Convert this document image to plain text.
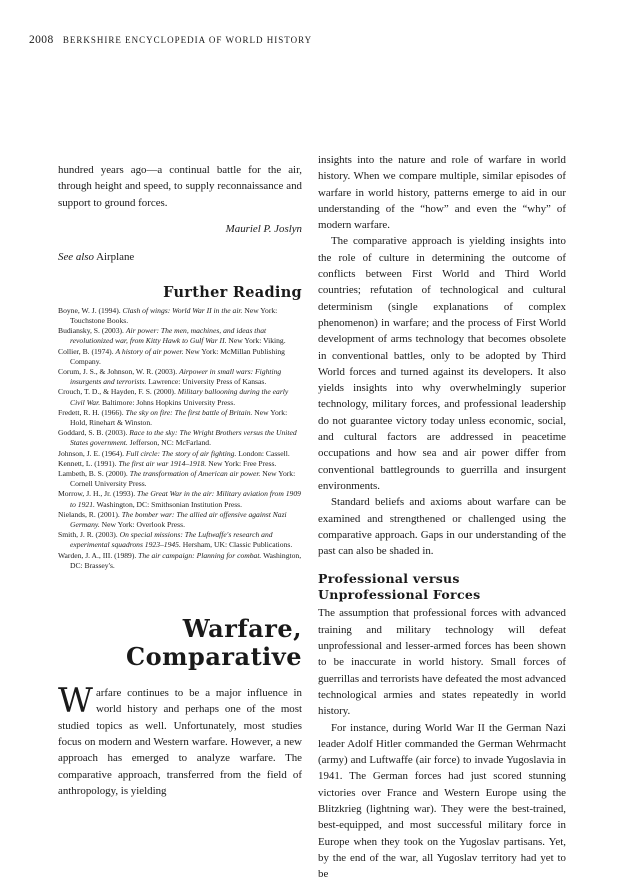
2008 BERKSHIRE ENCYCLOPEDIA OF WORLD HISTORY

hundred years ago—a continual battle for the air, through height and speed, to supply reconnaissance and support to ground forces.

Mauriel P. Joslyn

See also Airplane

Further Reading
Boyne, W. J. (1994). Clash of wings: World War II in the air. New York: Touchstone Books.
Budiansky, S. (2003). Air power: The men, machines, and ideas that revolutionized war, from Kitty Hawk to Gulf War II. New York: Viking.
Collier, B. (1974). A history of air power. New York: McMillan Publishing Company.
Corum, J. S., & Johnson, W. R. (2003). Airpower in small wars: Fighting insurgents and terrorists. Lawrence: University Press of Kansas.
Crouch, T. D., & Hayden, F. S. (2000). Military ballooning during the early Civil War. Baltimore: Johns Hopkins University Press.
Fredett, R. H. (1966). The sky on fire: The first battle of Britain. New York: Hold, Rinehart & Winston.
Goddard, S. B. (2003). Race to the sky: The Wright Brothers versus the United States government. Jefferson, NC: McFarland.
Johnson, J. E. (1964). Full circle: The story of air fighting. London: Cassell.
Kennett, L. (1991). The first air war 1914–1918. New York: Free Press.
Lambeth, B. S. (2000). The transformation of American air power. New York: Cornell University Press.
Morrow, J. H., Jr. (1993). The Great War in the air: Military aviation from 1909 to 1921. Washington, DC: Smithsonian Institution Press.
Nielands, R. (2001). The bomber war: The allied air offensive against Nazi Germany. New York: Overlook Press.
Smith, J. R. (2003). On special missions: The Luftwaffe's research and experimental squadrons 1923–1945. Hersham, UK: Classic Publications.
Warden, J. A., III. (1989). The air campaign: Planning for combat. Washington, DC: Brassey's.
Warfare,
Comparative

Warfare continues to be a major influence in world history and perhaps one of the most studied topics as well. Unfortunately, most studies focus on modern and Western warfare. However, a new approach has emerged to analyze warfare. The comparative approach, transferred from the field of anthropology, is yielding

insights into the nature and role of warfare in world history. When we compare multiple, similar episodes of warfare in world history, patterns emerge to aid in our understanding of the “how” and even the “why” of modern warfare.

The comparative approach is yielding insights into the role of culture in determining the outcome of conflicts between First World and Third World countries; refutation of technological and cultural determinism (single explanations of complex phenomenon) in warfare; and the process of First World development of arms technology that becomes obsolete in conventional battles, only to be adopted by Third World forces and turned against its developers. It also yields insights into why overwhelmingly superior technology, military forces, and professional leadership do not guarantee victory today unless economic, social, and cultural factors are addressed in peacetime occupations and how sea and air power differ from conventional battlegrounds to guerrilla and insurgent environments.

Standard beliefs and axioms about warfare can be examined and strengthened or challenged using the comparative approach. Gaps in our understanding of the past can also be shaded in.

Professional versus
Unprofessional Forces

The assumption that professional forces with advanced training and military technology will defeat unprofessional and lesser-armed forces has been shown to be inaccurate in world history. Small forces of guerrillas and terrorists have defeated the most advanced technological armies and states repeatedly in world history.

For instance, during World War II the German Nazi leader Adolf Hitler commanded the German Wehrmacht (army) and Luftwaffe (air force) to invade Yugoslavia in 1941. The German forces had just scored stunning victories over France and Western Europe using the Blitzkrieg (lightning war). They were the best-trained, best-equipped, and most successful military force in Europe when they took on the Yugoslav partisans. Yet, by the end of the war, all Yugoslav territory had yet to be
